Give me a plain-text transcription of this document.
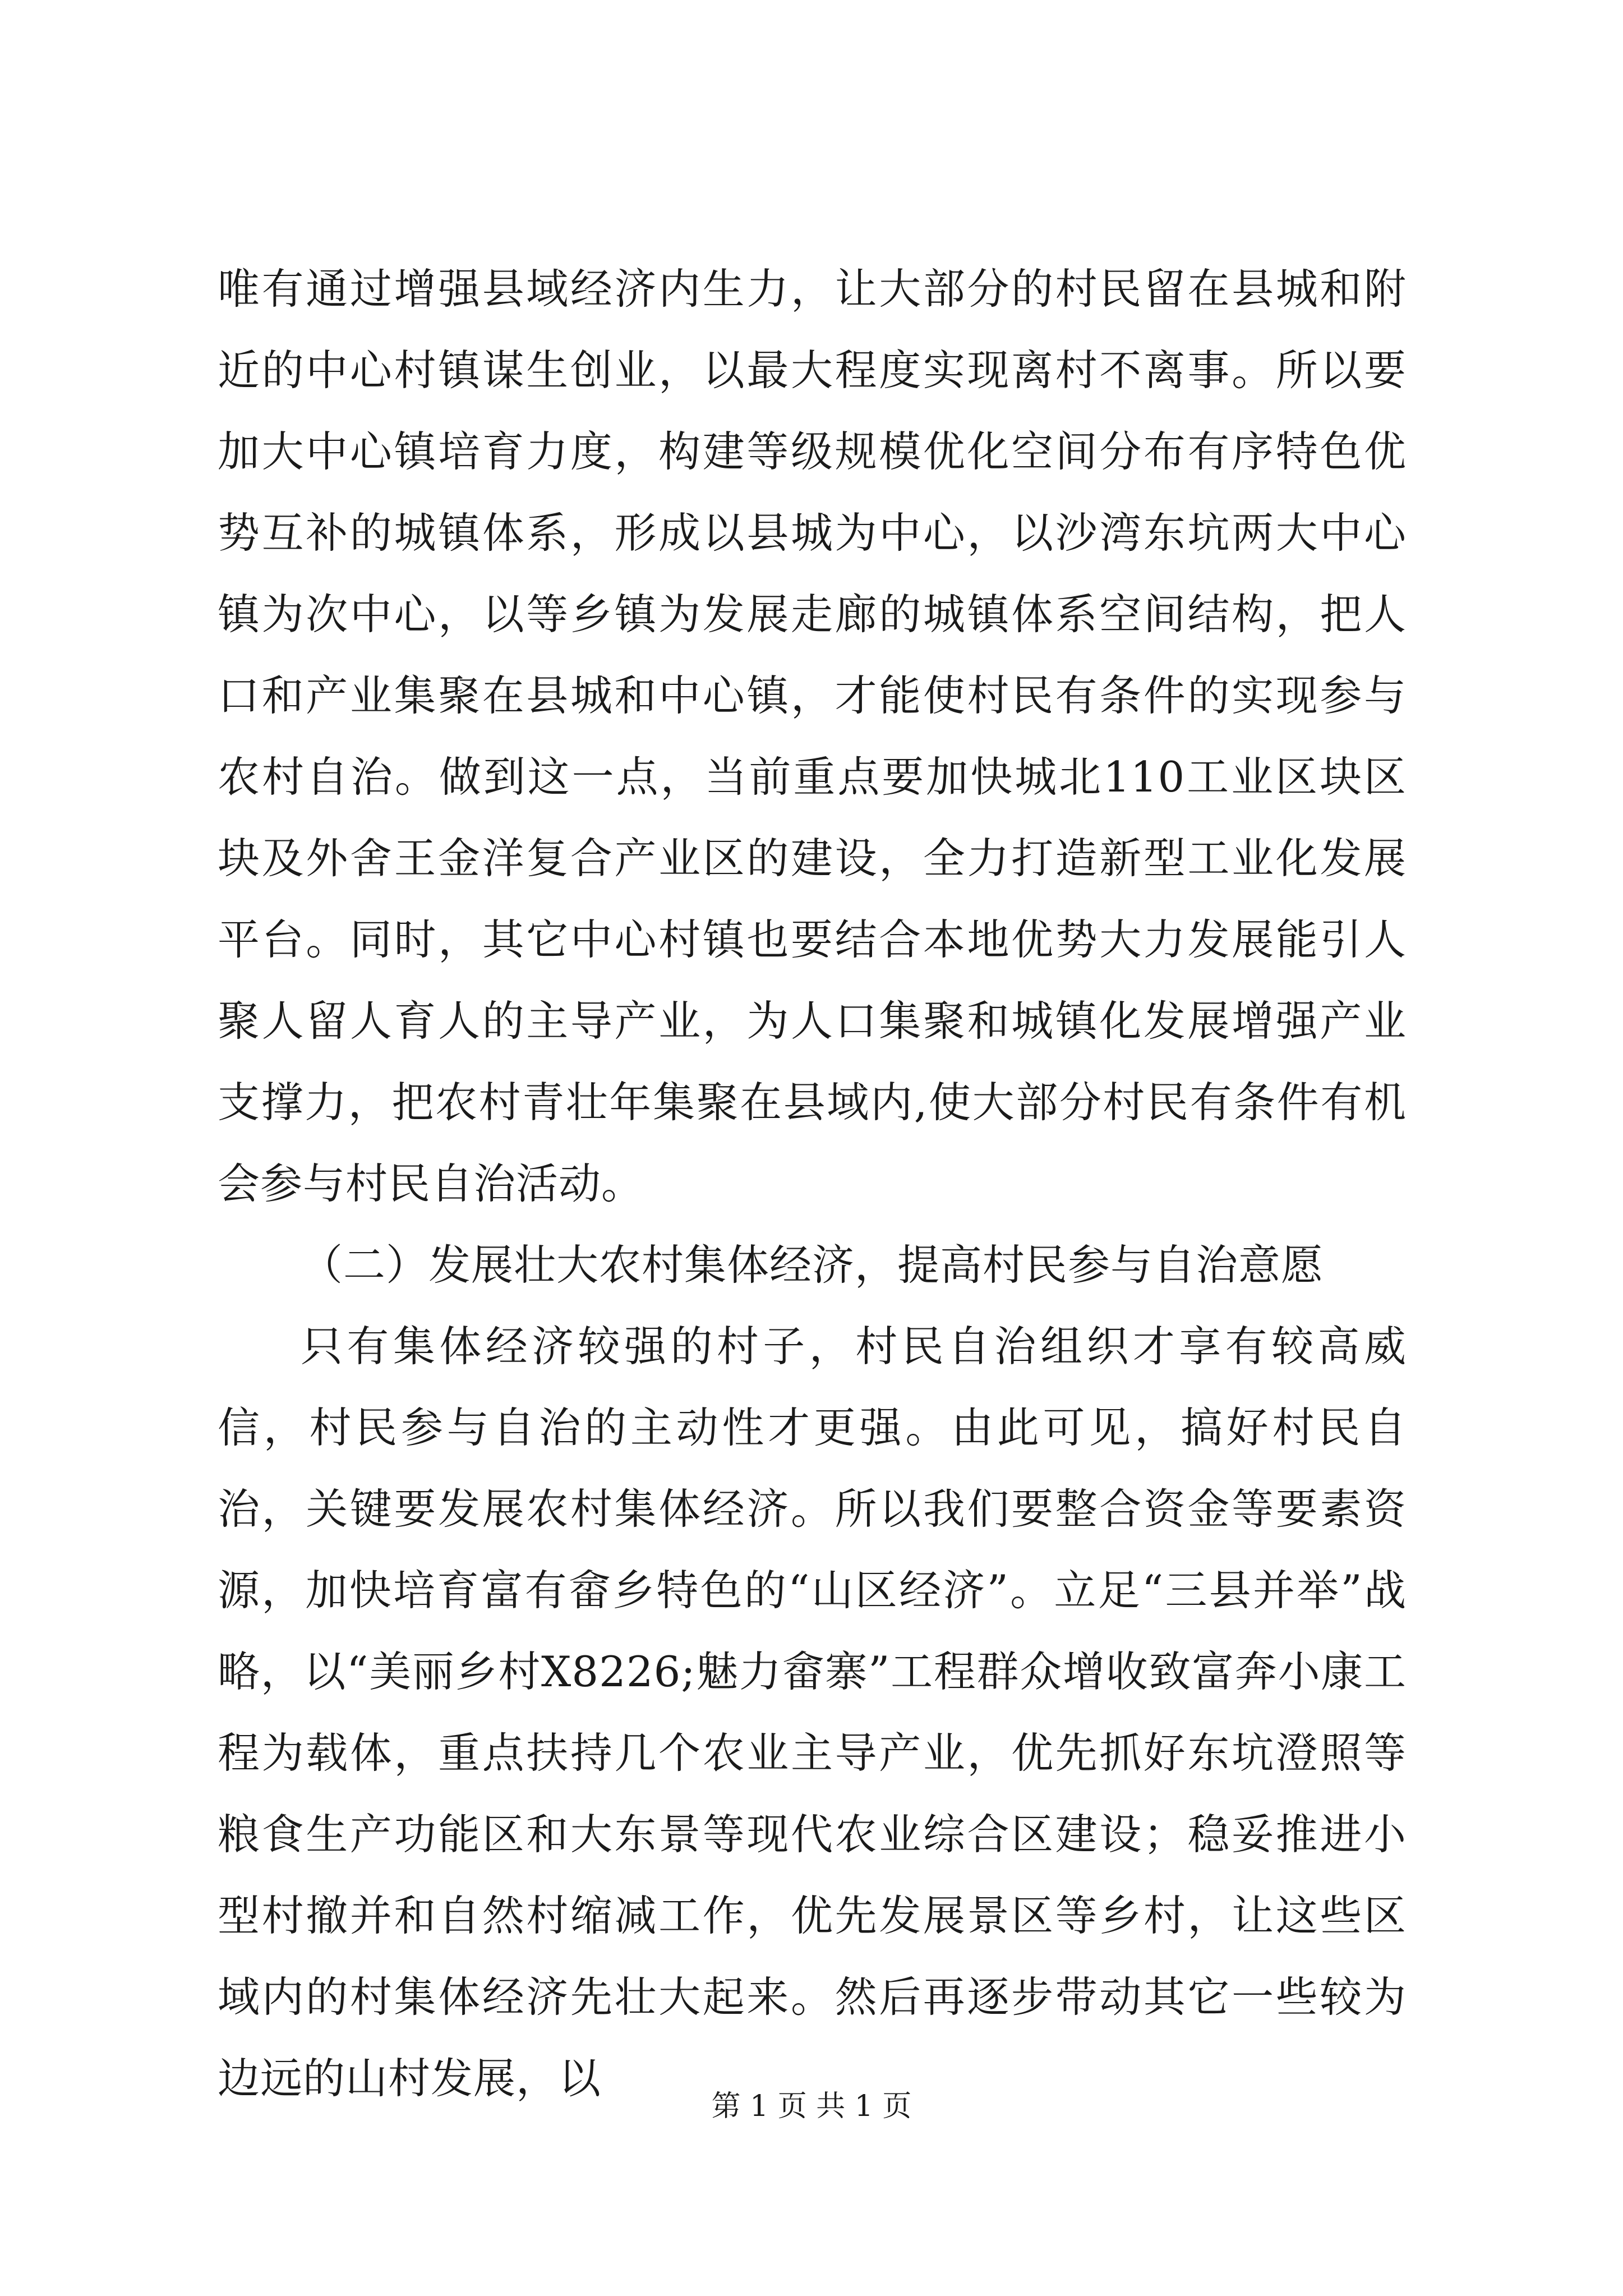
唯有通过增强县域经济内生力，让大部分的村民留在县城和附近的中心村镇谋生创业，以最大程度实现离村不离事。所以要加大中心镇培育力度，构建等级规模优化空间分布有序特色优势互补的城镇体系，形成以县城为中心，以沙湾东坑两大中心镇为次中心，以等乡镇为发展走廊的城镇体系空间结构，把人口和产业集聚在县城和中心镇，才能使村民有条件的实现参与农村自治。做到这一点，当前重点要加快城北110工业区块区块及外舍王金洋复合产业区的建设，全力打造新型工业化发展平台。同时，其它中心村镇也要结合本地优势大力发展能引人聚人留人育人的主导产业，为人口集聚和城镇化发展增强产业支撑力，把农村青壮年集聚在县域内,使大部分村民有条件有机会参与村民自治活动。

（二）发展壮大农村集体经济，提高村民参与自治意愿

只有集体经济较强的村子，村民自治组织才享有较高威信，村民参与自治的主动性才更强。由此可见，搞好村民自治，关键要发展农村集体经济。所以我们要整合资金等要素资源，加快培育富有畲乡特色的“山区经济”。立足“三县并举”战略，以“美丽乡村X8226;魅力畲寨”工程群众增收致富奔小康工程为载体，重点扶持几个农业主导产业，优先抓好东坑澄照等粮食生产功能区和大东景等现代农业综合区建设；稳妥推进小型村撤并和自然村缩减工作，优先发展景区等乡村，让这些区域内的村集体经济先壮大起来。然后再逐步带动其它一些较为边远的山村发展，以

第 1 页 共 1 页
